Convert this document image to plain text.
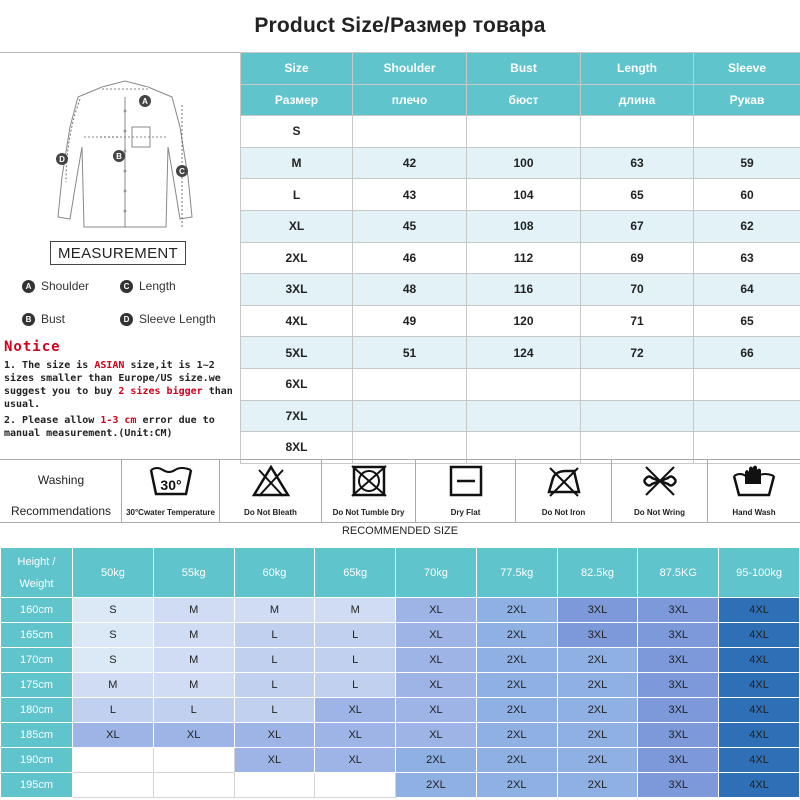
Product Size/Размер товара
A
B
C
D
MEASUREMENT
A Shoulder	C Length
B Bust	D Sleeve Length
Notice

1. The size is ASIAN size,it is 1~2 sizes smaller than Europe/US size.we suggest you to buy 2 sizes bigger than usual.

2. Please allow 1-3 cm error due to manual measurement.(Unit:CM)

Size	Shoulder	Bust	Length	Sleeve
Размер	плечо	бюст	длина	Рукав
S				
M	42	100	63	59
L	43	104	65	60
XL	45	108	67	62
2XL	46	112	69	63
3XL	48	116	70	64
4XL	49	120	71	65
5XL	51	124	72	66
6XL				
7XL				
8XL				
Washing
Recommendations
30°
30°Cwater Temperature	Do Not Bleath	Do Not Tumble Dry	Dry Flat	Do Not Iron	Do Not Wring	Hand Wash
RECOMMENDED SIZE
Height /
Weight	50kg	55kg	60kg	65kg	70kg	77.5kg	82.5kg	87.5KG	95-100kg
160cm	S	M	M	M	XL	2XL	3XL	3XL	4XL
165cm	S	M	L	L	XL	2XL	3XL	3XL	4XL
170cm	S	M	L	L	XL	2XL	2XL	3XL	4XL
175cm	M	M	L	L	XL	2XL	2XL	3XL	4XL
180cm	L	L	L	XL	XL	2XL	2XL	3XL	4XL
185cm	XL	XL	XL	XL	XL	2XL	2XL	3XL	4XL
190cm			XL	XL	2XL	2XL	2XL	3XL	4XL
195cm					2XL	2XL	2XL	3XL	4XL
